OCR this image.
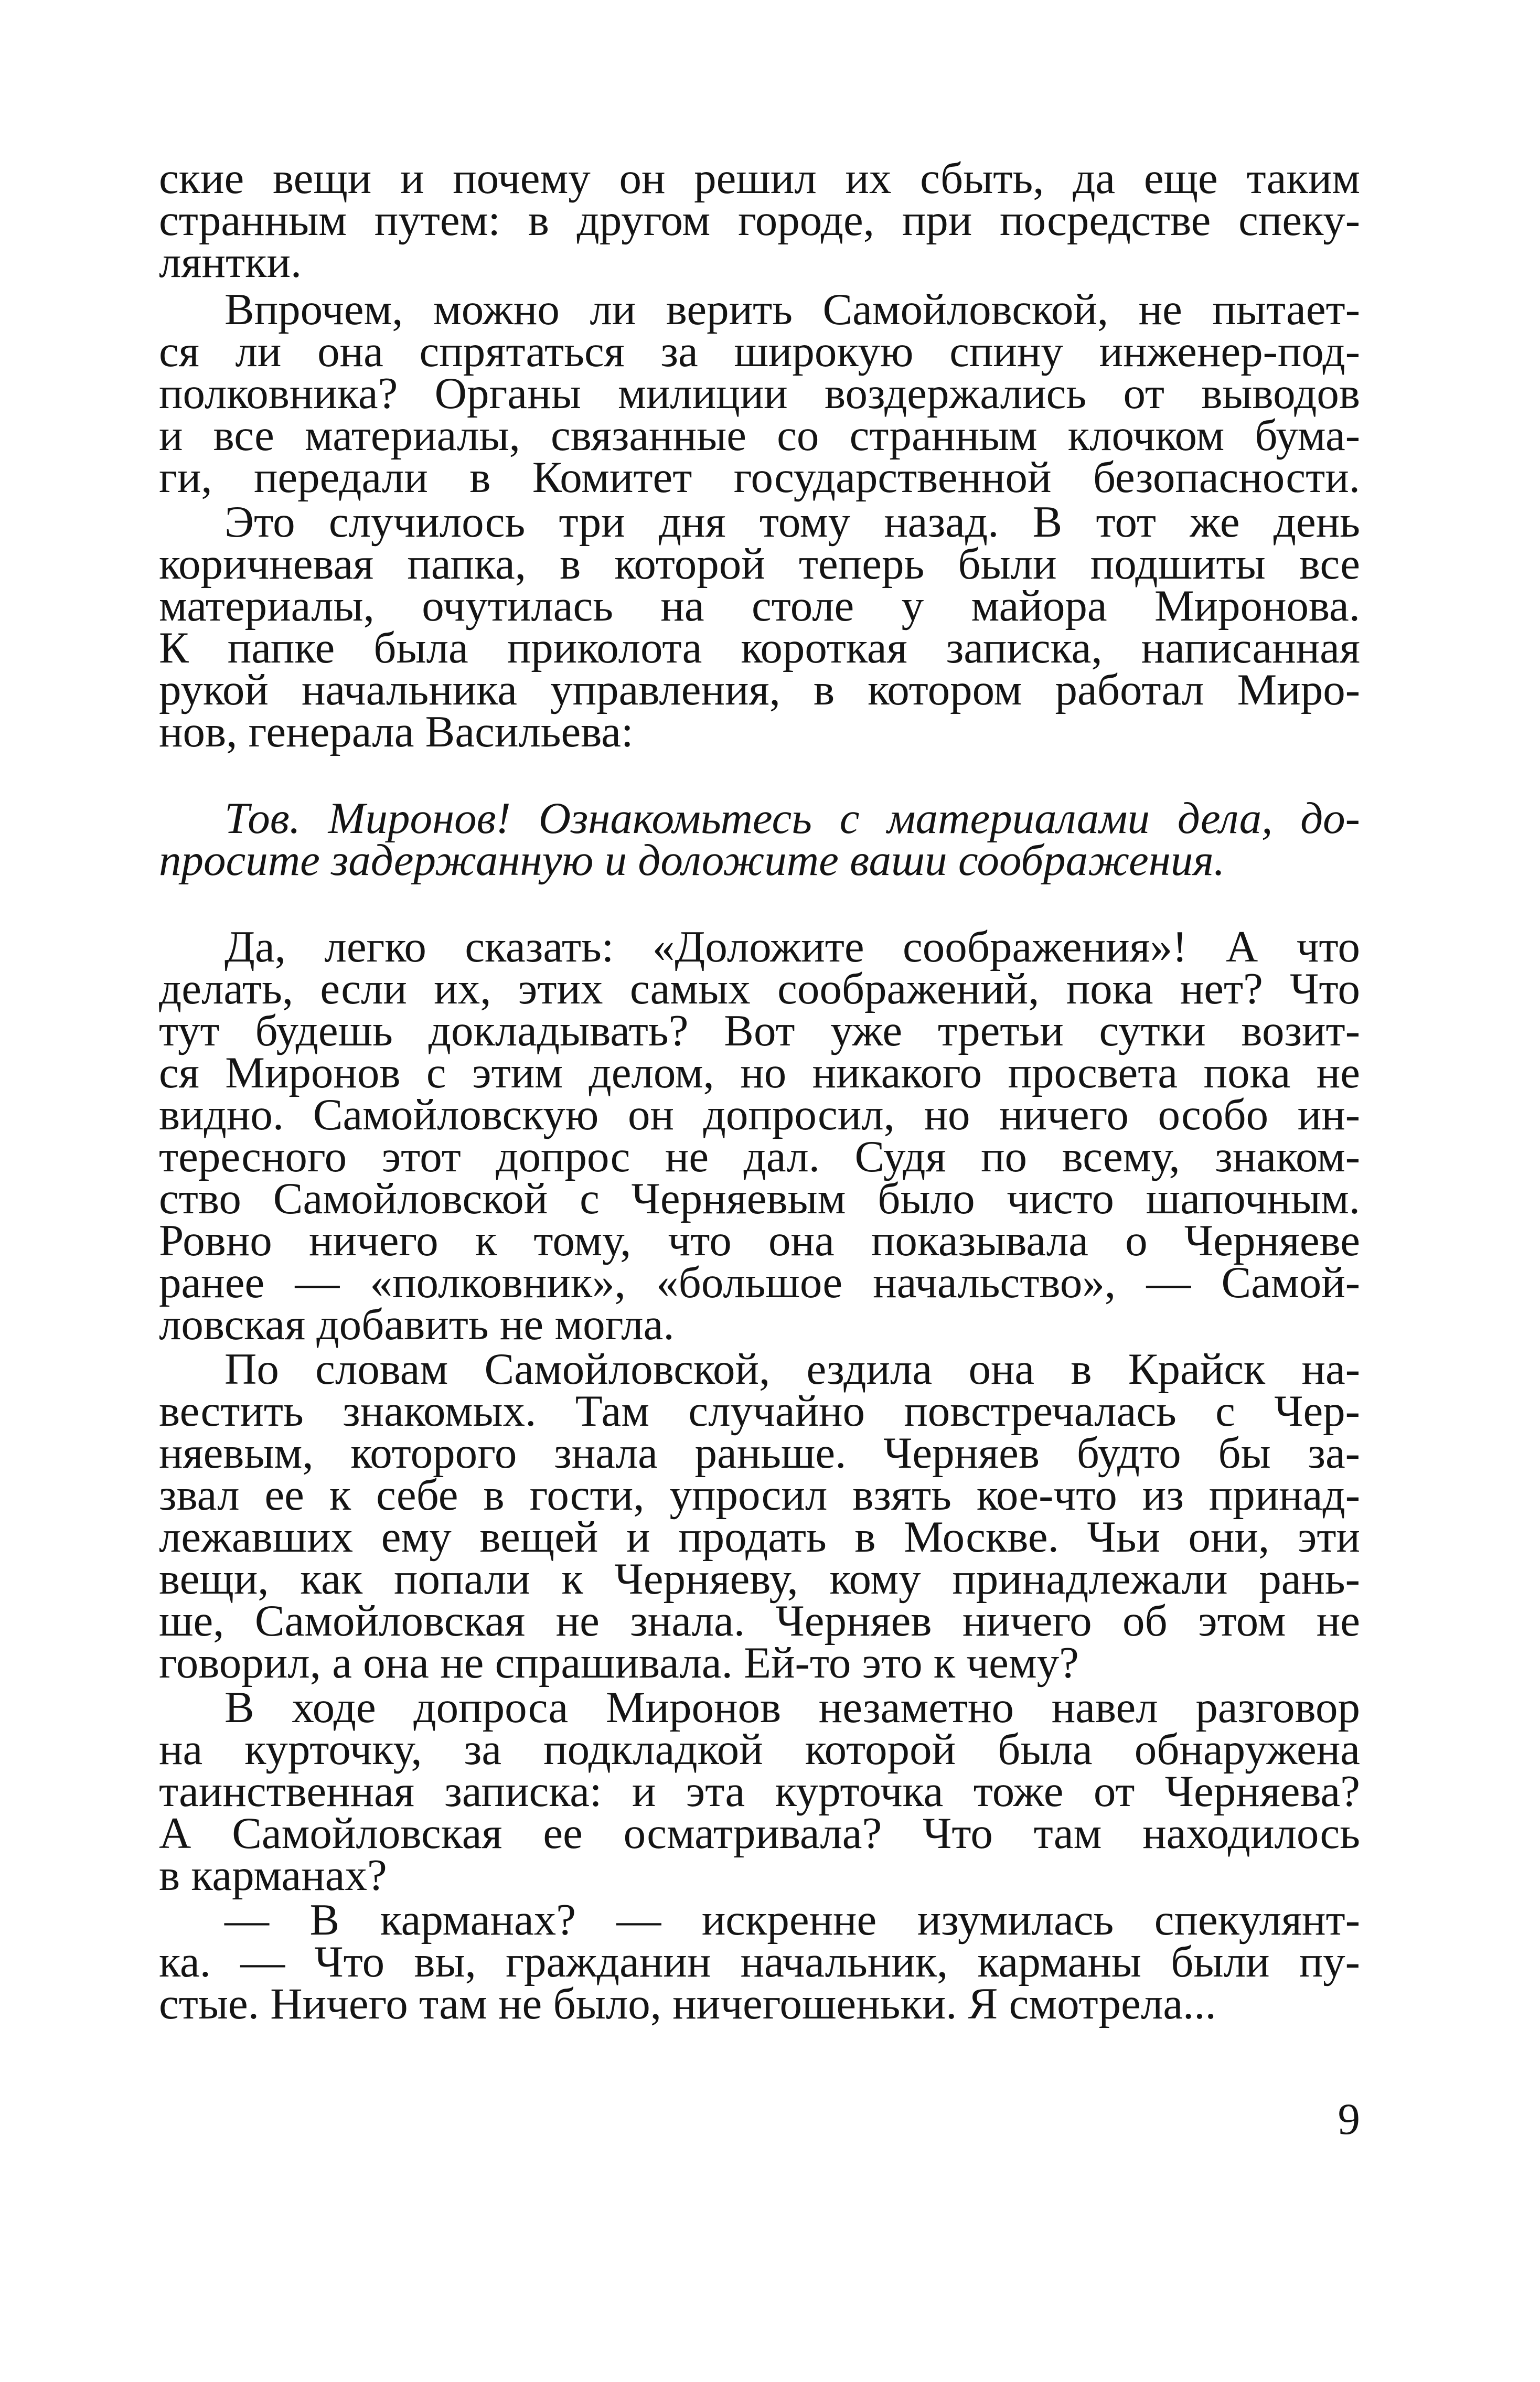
ские вещи и почему он решил их сбыть, да еще таким
странным путем: в другом городе, при посредстве спеку-
лянтки.
Впрочем, можно ли верить Самойловской, не пытает-
ся ли она спрятаться за широкую спину инженер-под-
полковника? Органы милиции воздержались от выводов
и все материалы, связанные со странным клочком бума-
ги, передали в Комитет государственной безопасности.
Это случилось три дня тому назад. В тот же день
коричневая папка, в которой теперь были подшиты все
материалы, очутилась на столе у майора Миронова.
К папке была приколота короткая записка, написанная
рукой начальника управления, в котором работал Миро-
нов, генерала Васильева:
Тов. Миронов! Ознакомьтесь с материалами дела, до-
просите задержанную и доложите ваши соображения.
Да, легко сказать: «Доложите соображения»! А что
делать, если их, этих самых соображений, пока нет? Что
тут будешь докладывать? Вот уже третьи сутки возит-
ся Миронов с этим делом, но никакого просвета пока не
видно. Самойловскую он допросил, но ничего особо ин-
тересного этот допрос не дал. Судя по всему, знаком-
ство Самойловской с Черняевым было чисто шапочным.
Ровно ничего к тому, что она показывала о Черняеве
ранее — «полковник», «большое начальство», — Самой-
ловская добавить не могла.
По словам Самойловской, ездила она в Крайск на-
вестить знакомых. Там случайно повстречалась с Чер-
няевым, которого знала раньше. Черняев будто бы за-
звал ее к себе в гости, упросил взять кое-что из принад-
лежавших ему вещей и продать в Москве. Чьи они, эти
вещи, как попали к Черняеву, кому принадлежали рань-
ше, Самойловская не знала. Черняев ничего об этом не
говорил, а она не спрашивала. Ей-то это к чему?
В ходе допроса Миронов незаметно навел разговор
на курточку, за подкладкой которой была обнаружена
таинственная записка: и эта курточка тоже от Черняева?
А Самойловская ее осматривала? Что там находилось
в карманах?
— В карманах? — искренне изумилась спекулянт-
ка. — Что вы, гражданин начальник, карманы были пу-
стые. Ничего там не было, ничегошеньки. Я смотрела...
9
